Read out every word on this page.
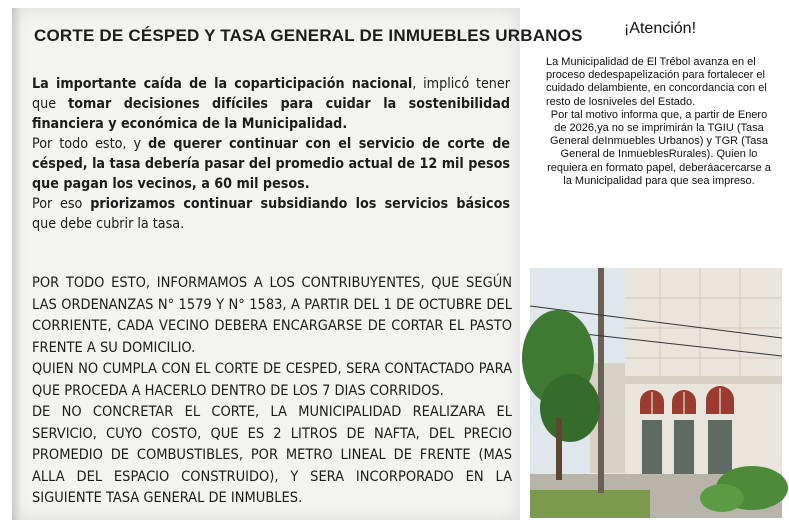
CORTE DE CÉSPED Y TASA GENERAL DE INMUEBLES URBANOS

La importante caída de la coparticipación nacional, implicó tener que tomar decisiones difíciles para cuidar la sostenibilidad financiera y económica de la Municipalidad.

Por todo esto, y de querer continuar con el servicio de corte de césped, la tasa debería pasar del promedio actual de 12 mil pesos que pagan los vecinos, a 60 mil pesos.

Por eso priorizamos continuar subsidiando los servicios básicos que debe cubrir la tasa.

POR TODO ESTO, INFORMAMOS A LOS CONTRIBUYENTES, QUE SEGÚN LAS ORDENANZAS N° 1579 Y N° 1583, A PARTIR DEL 1 DE OCTUBRE DEL CORRIENTE, CADA VECINO DEBERA ENCARGARSE DE CORTAR EL PASTO FRENTE A SU DOMICILIO.

QUIEN NO CUMPLA CON EL CORTE DE CESPED, SERA CONTACTADO PARA QUE PROCEDA A HACERLO DENTRO DE LOS 7 DIAS CORRIDOS.

DE NO CONCRETAR EL CORTE, LA MUNICIPALIDAD REALIZARA EL SERVICIO, CUYO COSTO, QUE ES 2 LITROS DE NAFTA, DEL PRECIO PROMEDIO DE COMBUSTIBLES, POR METRO LINEAL DE FRENTE (MAS ALLA DEL ESPACIO CONSTRUIDO), Y SERA INCORPORADO EN LA SIGUIENTE TASA GENERAL DE INMUBLES.

¡Atención!

La Municipalidad de El Trébol avanza en el proceso dedespapelización para fortalecer el cuidado delambiente, en concordancia con el resto de losniveles del Estado.

Por tal motivo informa que, a partir de Enero de 2026,ya no se imprimirán la TGIU (Tasa General deInmuebles Urbanos) y TGR (Tasa General de InmueblesRurales). Quien lo requiera en formato papel, deberáacercarse a la Municipalidad para que sea impreso.
